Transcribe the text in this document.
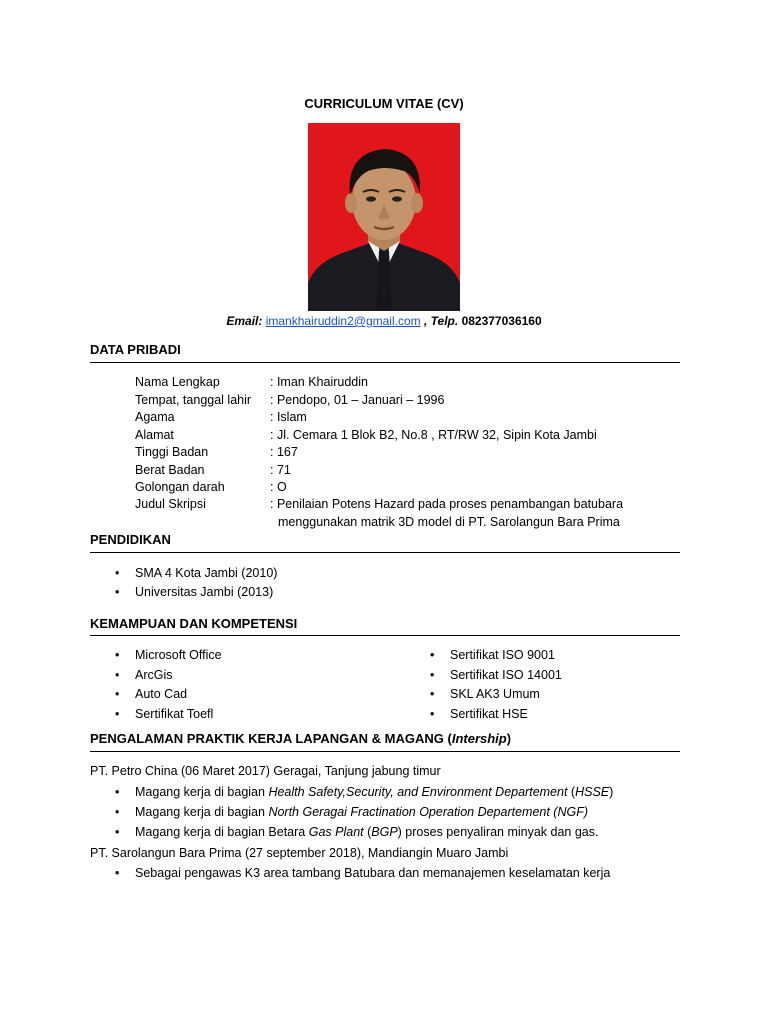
CURRICULUM VITAE (CV)
Email: imankhairuddin2@gmail.com , Telp. 082377036160
DATA PRIBADI
Nama Lengkap	: Iman Khairuddin
Tempat, tanggal lahir	: Pendopo, 01 – Januari – 1996
Agama	: Islam
Alamat	: Jl. Cemara 1 Blok B2, No.8 , RT/RW 32, Sipin Kota Jambi
Tinggi Badan	: 167
Berat Badan	: 71
Golongan darah	: O
Judul Skripsi	: Penilaian Potens Hazard pada proses penambangan batubara
menggunakan matrik 3D model di PT. Sarolangun Bara Prima
PENDIDIKAN
• SMA 4 Kota Jambi (2010)
• Universitas Jambi (2013)
KEMAMPUAN DAN KOMPETENSI
• Microsoft Office
• ArcGis
• Auto Cad
• Sertifikat Toefl
• Sertifikat ISO 9001
• Sertifikat ISO 14001
• SKL AK3 Umum
• Sertifikat HSE
PENGALAMAN PRAKTIK KERJA LAPANGAN & MAGANG (Intership)
PT. Petro China (06 Maret 2017) Geragai, Tanjung jabung timur
• Magang kerja di bagian Health Safety,Security, and Environment Departement (HSSE)
• Magang kerja di bagian North Geragai Fractination Operation Departement (NGF)
• Magang kerja di bagian Betara Gas Plant (BGP) proses penyaliran minyak dan gas.
PT. Sarolangun Bara Prima (27 september 2018), Mandiangin Muaro Jambi
• Sebagai pengawas K3 area tambang Batubara dan memanajemen keselamatan kerja
